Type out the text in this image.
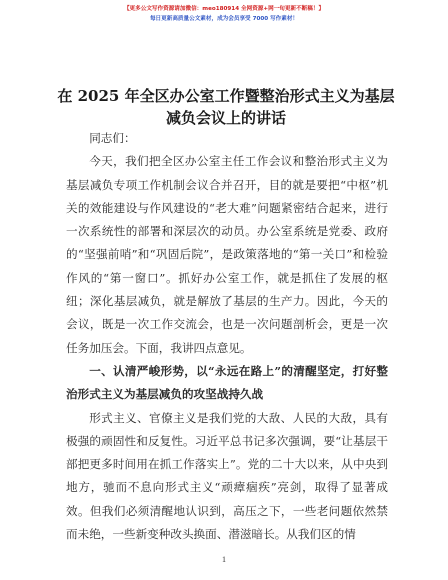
【更多公文写作资源请加微信：meo180914 全网资源+网一旬更新不断稿！】
每日更新高质量公文素材，成为会员享受 7000 写作素材！
在 2025 年全区办公室工作暨整治形式主义为基层减负会议上的讲话

同志们：

今天，我们把全区办公室主任工作会议和整治形式主义为基层减负专项工作机制会议合并召开，目的就是要把“中枢”机关的效能建设与作风建设的“老大难”问题紧密结合起来，进行一次系统性的部署和深层次的动员。办公室系统是党委、政府的“坚强前哨”和“巩固后院”，是政策落地的“第一关口”和检验作风的“第一窗口”。抓好办公室工作，就是抓住了发展的枢纽；深化基层减负，就是解放了基层的生产力。因此，今天的会议，既是一次工作交流会，也是一次问题剖析会，更是一次任务加压会。下面，我讲四点意见。

一、认清严峻形势，以“永远在路上”的清醒坚定，打好整治形式主义为基层减负的攻坚战持久战

形式主义、官僚主义是我们党的大敌、人民的大敌，具有极强的顽固性和反复性。习近平总书记多次强调，要“让基层干部把更多时间用在抓工作落实上”。党的二十大以来，从中央到地方，驰而不息向形式主义“顽瘴痼疾”亮剑，取得了显著成效。但我们必须清醒地认识到，高压之下，一些老问题依然禁而未绝，一些新变种改头换面、潜滋暗长。从我们区的情

1
